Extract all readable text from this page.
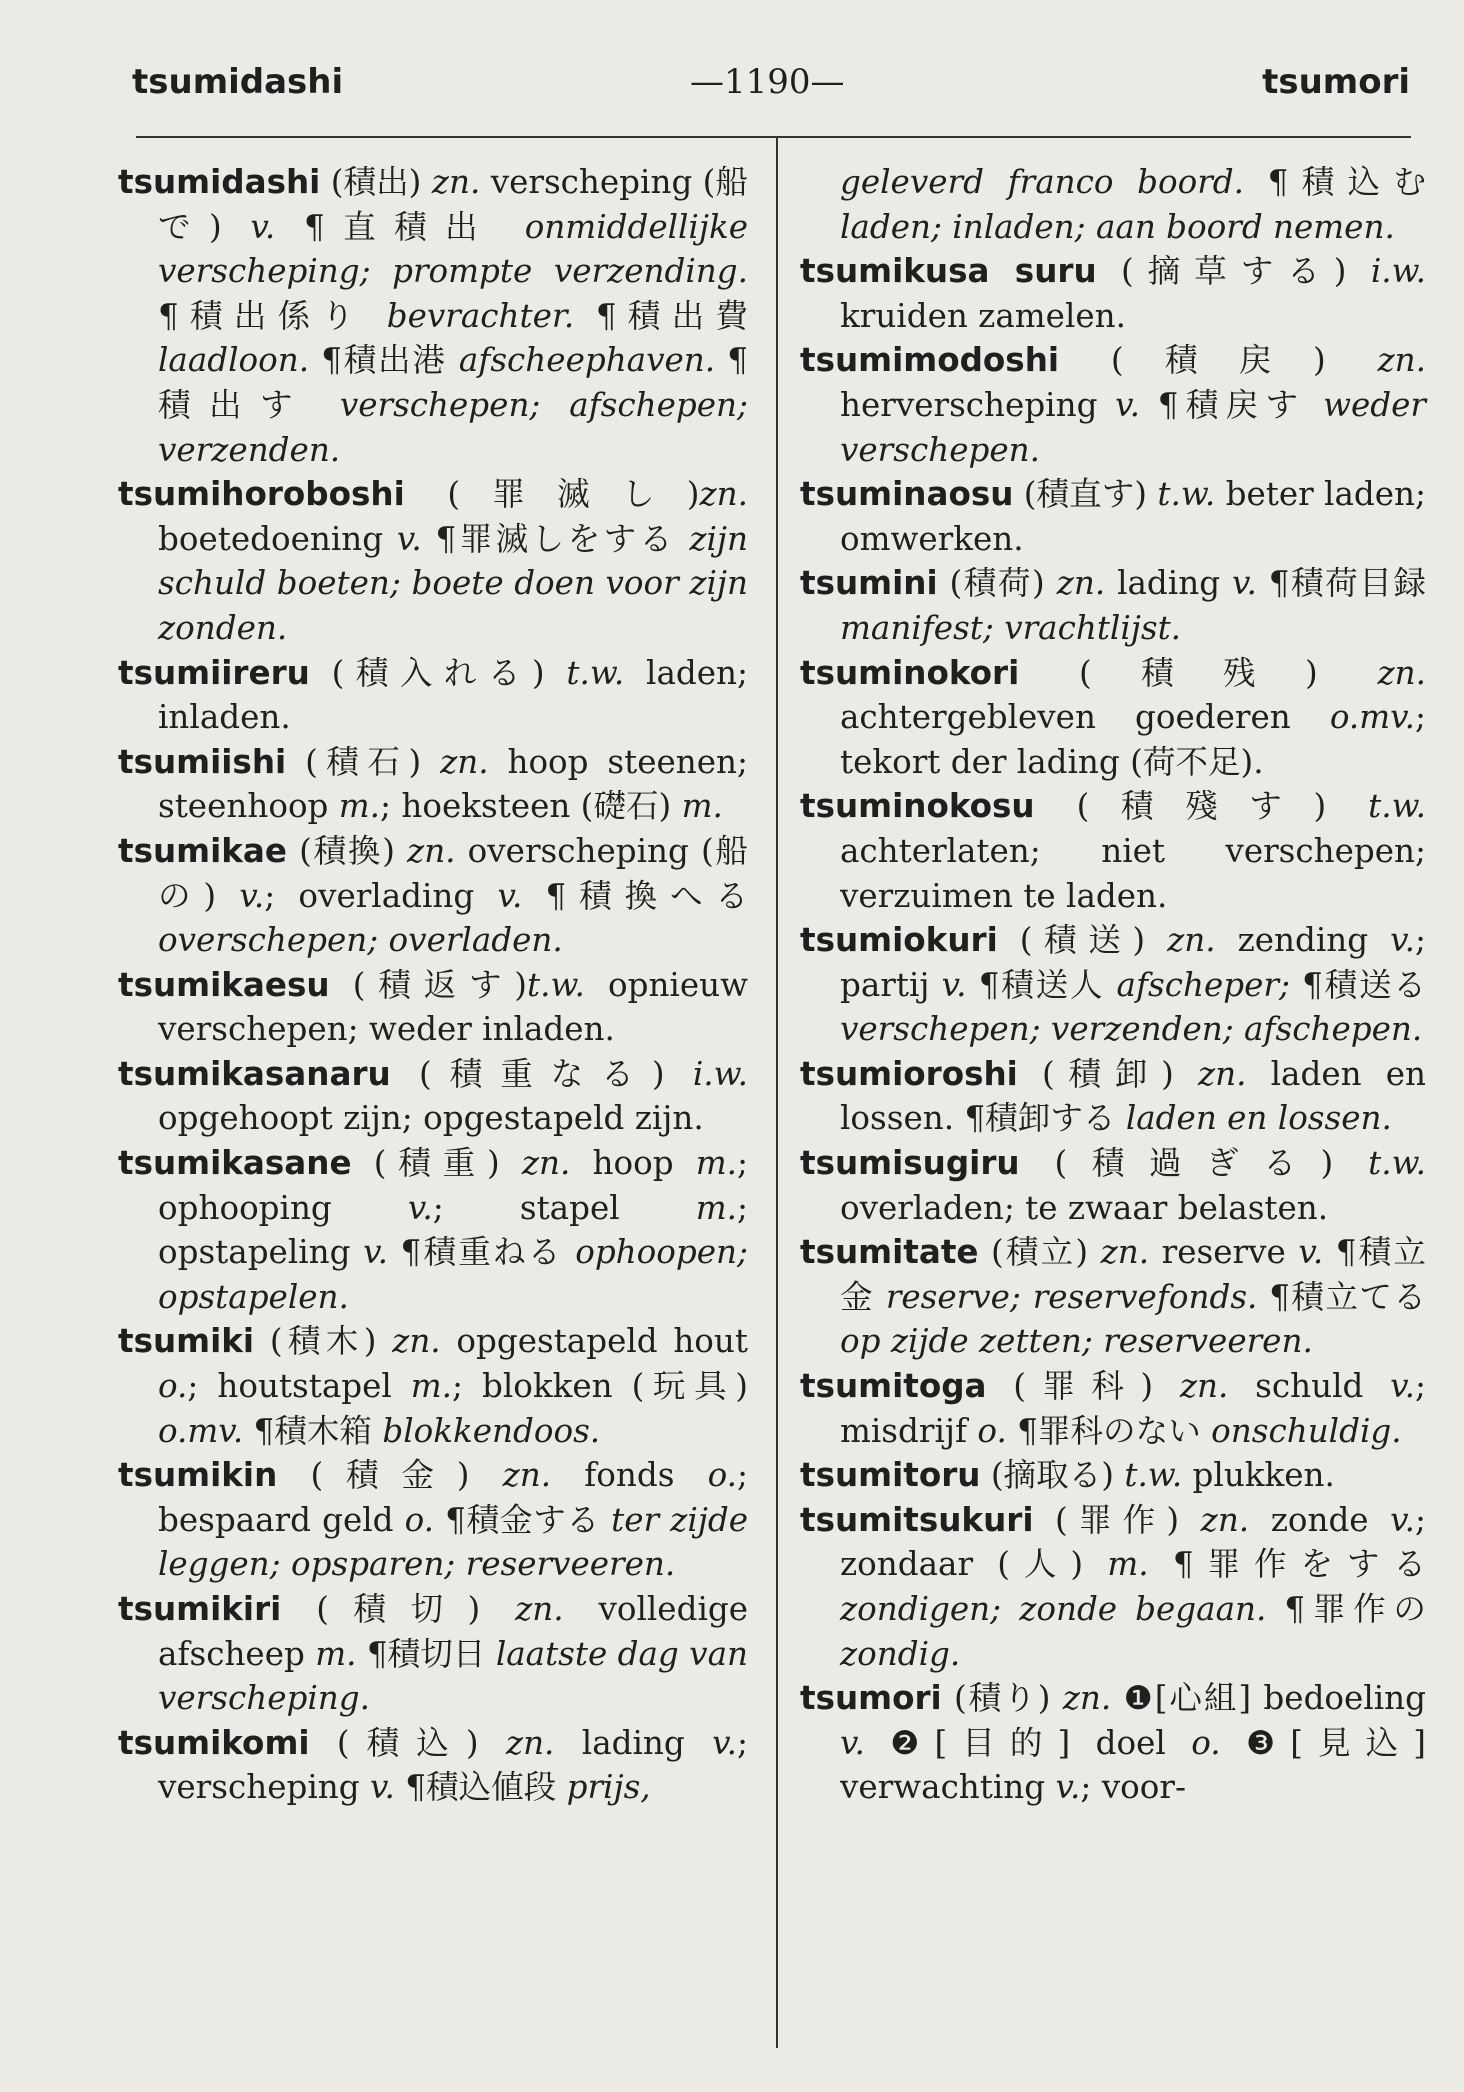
tsumidashi	—1190—	tsumori
tsumidashi (積出) zn. verscheping (船で) v. ¶直積出 onmiddellijke verscheping; prompte verzending. ¶積出係り bevrachter. ¶積出費 laadloon. ¶積出港 afscheephaven. ¶積出す verschepen; afschepen; verzenden.
tsumihoroboshi (罪滅し)zn. boetedoening v. ¶罪滅しをする zijn schuld boeten; boete doen voor zijn zonden.
tsumiireru (積入れる) t.w. laden; inladen.
tsumiishi (積石) zn. hoop steenen; steenhoop m.; hoeksteen (礎石) m.
tsumikae (積換) zn. overscheping (船の) v.; overlading v. ¶積換へる overschepen; overladen.
tsumikaesu (積返す)t.w. opnieuw verschepen; weder inladen.
tsumikasanaru (積重なる) i.w. opgehoopt zijn; opgestapeld zijn.
tsumikasane (積重) zn. hoop m.; ophooping v.; stapel m.; opstapeling v. ¶積重ねる ophoopen; opstapelen.
tsumiki (積木) zn. opgestapeld hout o.; houtstapel m.; blokken (玩具) o.mv. ¶積木箱 blokkendoos.
tsumikin (積金) zn. fonds o.; bespaard geld o. ¶積金する ter zijde leggen; opsparen; reserveeren.
tsumikiri (積切) zn. volledige afscheep m. ¶積切日 laatste dag van verscheping.
tsumikomi (積込) zn. lading v.; verscheping v. ¶積込値段 prijs,
geleverd franco boord. ¶積込む laden; inladen; aan boord nemen.
tsumikusa suru (摘草する) i.w. kruiden zamelen.
tsumimodoshi (積戻) zn. herverscheping v. ¶積戻す weder verschepen.
tsuminaosu (積直す) t.w. beter laden; omwerken.
tsumini (積荷) zn. lading v. ¶積荷目録 manifest; vrachtlijst.
tsuminokori (積残) zn. achtergebleven goederen o.mv.; tekort der lading (荷不足).
tsuminokosu (積殘す) t.w. achterlaten; niet verschepen; verzuimen te laden.
tsumiokuri (積送) zn. zending v.; partij v. ¶積送人 afscheper; ¶積送る verschepen; verzenden; afschepen.
tsumioroshi (積卸) zn. laden en lossen. ¶積卸する laden en lossen.
tsumisugiru (積過ぎる) t.w. overladen; te zwaar belasten.
tsumitate (積立) zn. reserve v. ¶積立金 reserve; reservefonds. ¶積立てる op zijde zetten; reserveeren.
tsumitoga (罪科) zn. schuld v.; misdrijf o. ¶罪科のない onschuldig.
tsumitoru (摘取る) t.w. plukken.
tsumitsukuri (罪作) zn. zonde v.; zondaar (人) m. ¶罪作をする zondigen; zonde begaan. ¶罪作の zondig.
tsumori (積り) zn. ❶[心組] bedoeling v. ❷[目的] doel o. ❸[見込] verwachting v.; voor-
